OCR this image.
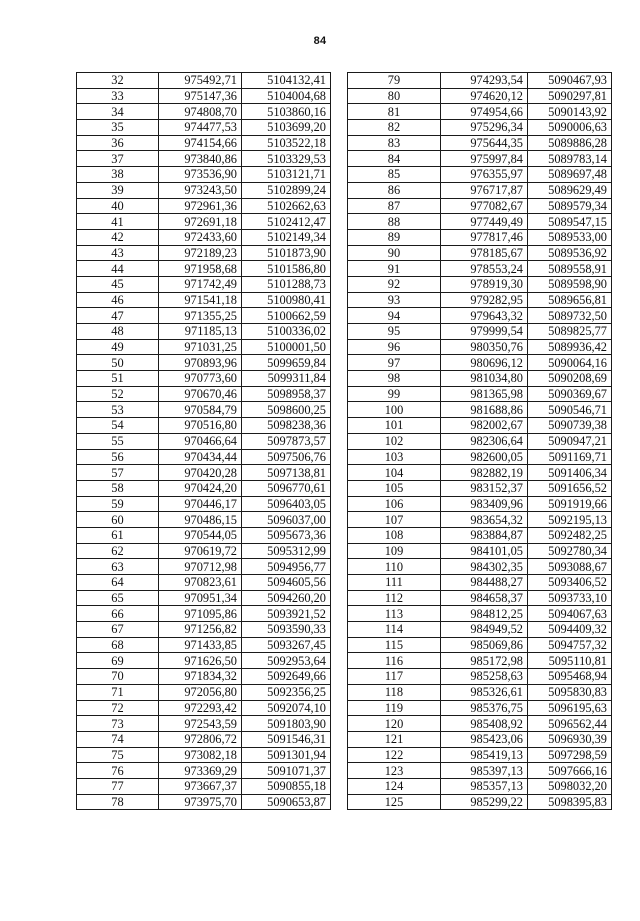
84
32	975492,71	5104132,41
33	975147,36	5104004,68
34	974808,70	5103860,16
35	974477,53	5103699,20
36	974154,66	5103522,18
37	973840,86	5103329,53
38	973536,90	5103121,71
39	973243,50	5102899,24
40	972961,36	5102662,63
41	972691,18	5102412,47
42	972433,60	5102149,34
43	972189,23	5101873,90
44	971958,68	5101586,80
45	971742,49	5101288,73
46	971541,18	5100980,41
47	971355,25	5100662,59
48	971185,13	5100336,02
49	971031,25	5100001,50
50	970893,96	5099659,84
51	970773,60	5099311,84
52	970670,46	5098958,37
53	970584,79	5098600,25
54	970516,80	5098238,36
55	970466,64	5097873,57
56	970434,44	5097506,76
57	970420,28	5097138,81
58	970424,20	5096770,61
59	970446,17	5096403,05
60	970486,15	5096037,00
61	970544,05	5095673,36
62	970619,72	5095312,99
63	970712,98	5094956,77
64	970823,61	5094605,56
65	970951,34	5094260,20
66	971095,86	5093921,52
67	971256,82	5093590,33
68	971433,85	5093267,45
69	971626,50	5092953,64
70	971834,32	5092649,66
71	972056,80	5092356,25
72	972293,42	5092074,10
73	972543,59	5091803,90
74	972806,72	5091546,31
75	973082,18	5091301,94
76	973369,29	5091071,37
77	973667,37	5090855,18
78	973975,70	5090653,87
79	974293,54	5090467,93
80	974620,12	5090297,81
81	974954,66	5090143,92
82	975296,34	5090006,63
83	975644,35	5089886,28
84	975997,84	5089783,14
85	976355,97	5089697,48
86	976717,87	5089629,49
87	977082,67	5089579,34
88	977449,49	5089547,15
89	977817,46	5089533,00
90	978185,67	5089536,92
91	978553,24	5089558,91
92	978919,30	5089598,90
93	979282,95	5089656,81
94	979643,32	5089732,50
95	979999,54	5089825,77
96	980350,76	5089936,42
97	980696,12	5090064,16
98	981034,80	5090208,69
99	981365,98	5090369,67
100	981688,86	5090546,71
101	982002,67	5090739,38
102	982306,64	5090947,21
103	982600,05	5091169,71
104	982882,19	5091406,34
105	983152,37	5091656,52
106	983409,96	5091919,66
107	983654,32	5092195,13
108	983884,87	5092482,25
109	984101,05	5092780,34
110	984302,35	5093088,67
111	984488,27	5093406,52
112	984658,37	5093733,10
113	984812,25	5094067,63
114	984949,52	5094409,32
115	985069,86	5094757,32
116	985172,98	5095110,81
117	985258,63	5095468,94
118	985326,61	5095830,83
119	985376,75	5096195,63
120	985408,92	5096562,44
121	985423,06	5096930,39
122	985419,13	5097298,59
123	985397,13	5097666,16
124	985357,13	5098032,20
125	985299,22	5098395,83
